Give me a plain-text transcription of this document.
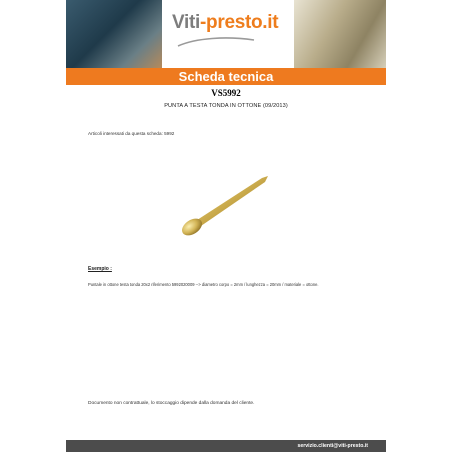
Viti-presto.it
Scheda tecnica
VS5992
PUNTA A TESTA TONDA IN OTTONE (09/2013)
Articoli interessati da questa scheda: 5992
Esempio :
Puntale in ottone testa tonda 20x2 riferimento 5992020009 --> diametro corpo = 2mm / lunghezza = 20mm / materiale = ottone.
Documento non contrattuale, lo stoccaggio dipende dalla domanda del cliente.
servizio.clienti@viti-presto.it
